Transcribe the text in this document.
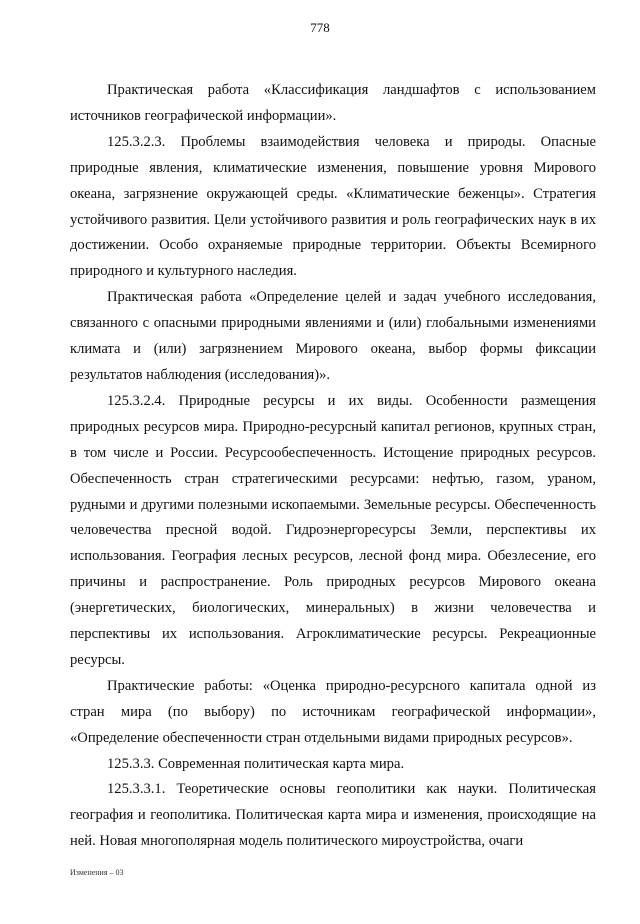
778

Практическая работа «Классификация ландшафтов с использованием источников географической информации».

125.3.2.3. Проблемы взаимодействия человека и природы. Опасные природные явления, климатические изменения, повышение уровня Мирового океана, загрязнение окружающей среды. «Климатические беженцы». Стратегия устойчивого развития. Цели устойчивого развития и роль географических наук в их достижении. Особо охраняемые природные территории. Объекты Всемирного природного и культурного наследия.

Практическая работа «Определение целей и задач учебного исследования, связанного с опасными природными явлениями и (или) глобальными изменениями климата и (или) загрязнением Мирового океана, выбор формы фиксации результатов наблюдения (исследования)».

125.3.2.4. Природные ресурсы и их виды. Особенности размещения природных ресурсов мира. Природно-ресурсный капитал регионов, крупных стран, в том числе и России. Ресурсообеспеченность. Истощение природных ресурсов. Обеспеченность стран стратегическими ресурсами: нефтью, газом, ураном, рудными и другими полезными ископаемыми. Земельные ресурсы. Обеспеченность человечества пресной водой. Гидроэнергоресурсы Земли, перспективы их использования. География лесных ресурсов, лесной фонд мира. Обезлесение, его причины и распространение. Роль природных ресурсов Мирового океана (энергетических, биологических, минеральных) в жизни человечества и перспективы их использования. Агроклиматические ресурсы. Рекреационные ресурсы.

Практические работы: «Оценка природно-ресурсного капитала одной из стран мира (по выбору) по источникам географической информации», «Определение обеспеченности стран отдельными видами природных ресурсов».

125.3.3. Современная политическая карта мира.

125.3.3.1. Теоретические основы геополитики как науки. Политическая география и геополитика. Политическая карта мира и изменения, происходящие на ней. Новая многополярная модель политического мироустройства, очаги

Изменения – 03
